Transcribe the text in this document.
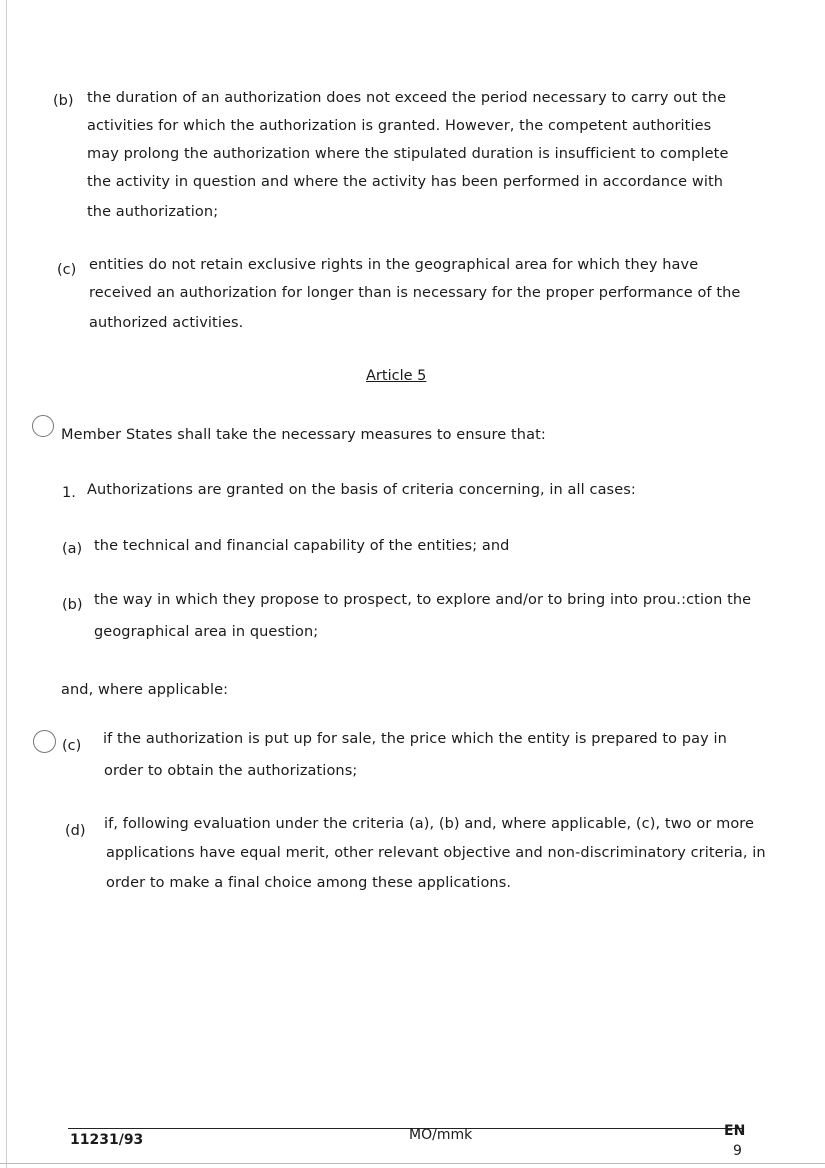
(b) the duration of an authorization does not exceed the period necessary to carry out the
activities for which the authorization is granted. However, the competent authorities
may prolong the authorization where the stipulated duration is insufficient to complete
the activity in question and where the activity has been performed in accordance with
the authorization;
(c) entities do not retain exclusive rights in the geographical area for which they have
received an authorization for longer than is necessary for the proper performance of the
authorized activities.
Article 5
Member States shall take the necessary measures to ensure that:
1. Authorizations are granted on the basis of criteria concerning, in all cases:
(a) the technical and financial capability of the entities; and
(b) the way in which they propose to prospect, to explore and/or to bring into prou․:ction the
geographical area in question;
and, where applicable:
(c) if the authorization is put up for sale, the price which the entity is prepared to pay in
order to obtain the authorizations;
(d) if, following evaluation under the criteria (a), (b) and, where applicable, (c), two or more
applications have equal merit, other relevant objective and non-discriminatory criteria, in
order to make a final choice among these applications.
11231/93	MO/mmk	EN
9
